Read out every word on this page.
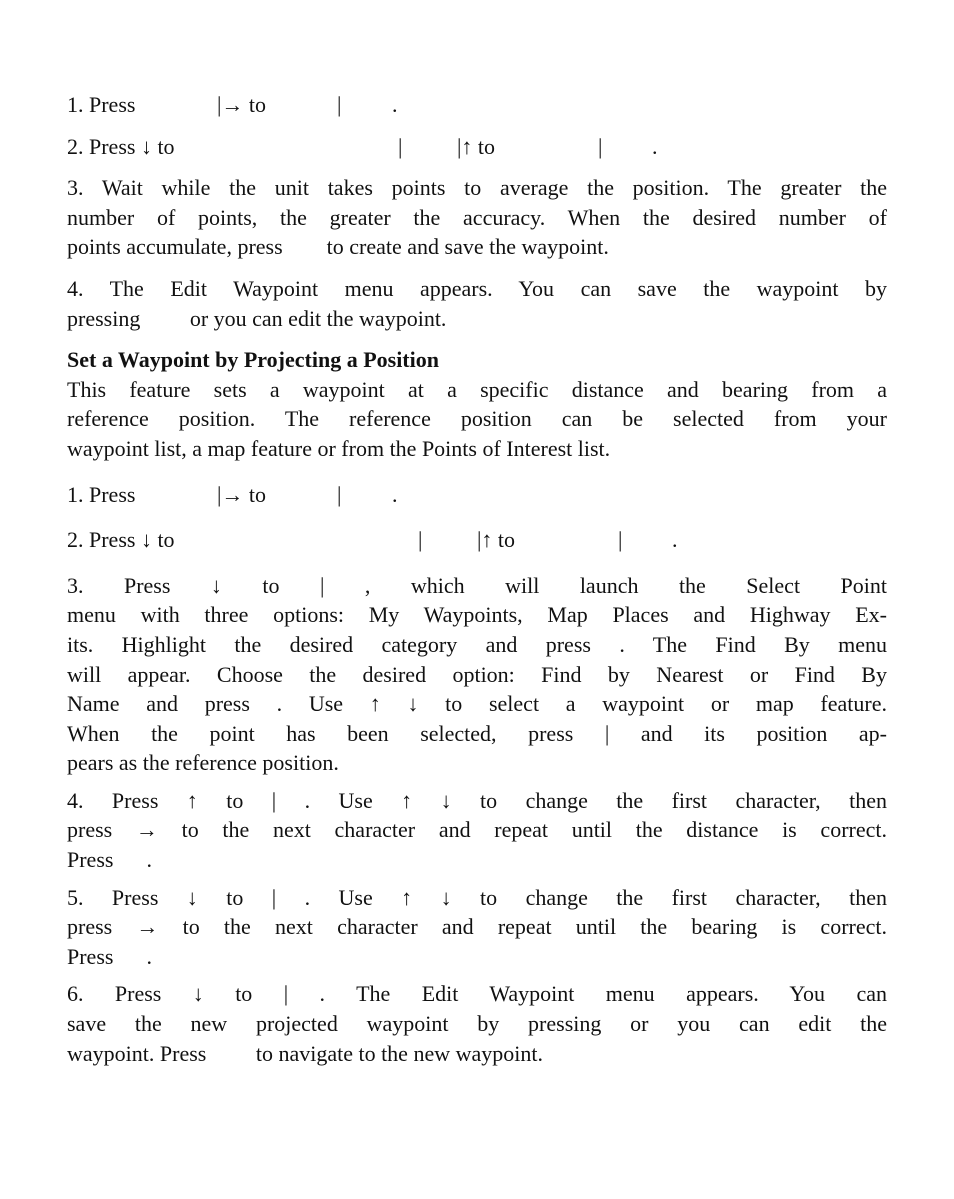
1. Press

	|→ to

	|

.

2. Press ↓ to

	|

|↑ to

	|

.

3. Wait while the unit takes points to average the position. The greater the
number of points, the greater the accuracy. When the desired number of
points accumulate, press        to create and save the waypoint.
4. The Edit Waypoint menu appears. You can save the waypoint by
pressing         or you can edit the waypoint.
Set a Waypoint by Projecting a Position
This feature sets a waypoint at a specific distance and bearing from a
reference position. The reference position can be selected from your
waypoint list, a map feature or from the Points of Interest list.

1. Press

	|→ to

	|

.

2. Press ↓ to

	|

|↑ to

	|

.

3. Press ↓ to | , which will launch the Select Point
menu with three options: My Waypoints, Map Places and Highway Ex-
its. Highlight the desired category and press . The Find By menu
will appear. Choose the desired option: Find by Nearest or Find By
Name and press . Use ↑ ↓ to select a waypoint or map feature.
When the point has been selected, press | and its position ap-
pears as the reference position.
4. Press ↑ to | . Use ↑ ↓ to change the first character, then
press → to the next character and repeat until the distance is correct.
Press      .
5. Press ↓ to | . Use ↑ ↓ to change the first character, then
press → to the next character and repeat until the bearing is correct.
Press      .
6. Press ↓ to | . The Edit Waypoint menu appears. You can
save the new projected waypoint by pressing or you can edit the
waypoint. Press         to navigate to the new waypoint.
